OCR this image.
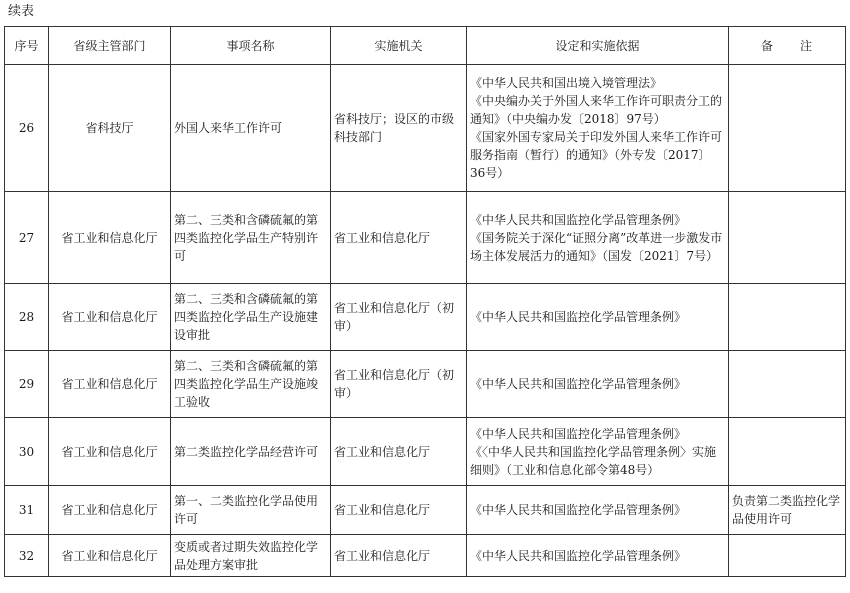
续表
序号	省级主管部门	事项名称	实施机关	设定和实施依据	备　　注
26	省科技厅	外国人来华工作许可	省科技厅；设区的市级科技部门	《中华人民共和国出境入境管理法》
《中央编办关于外国人来华工作许可职责分工的通知》（中央编办发〔2018〕97号）
《国家外国专家局关于印发外国人来华工作许可服务指南（暂行）的通知》（外专发〔2017〕36号）	

27	省工业和信息化厅	第二、三类和含磷硫氟的第四类监控化学品生产特别许可	省工业和信息化厅	《中华人民共和国监控化学品管理条例》
《国务院关于深化“证照分离”改革进一步激发市场主体发展活力的通知》（国发〔2021〕7号）	

28	省工业和信息化厅	第二、三类和含磷硫氟的第四类监控化学品生产设施建设审批	省工业和信息化厅（初审）	《中华人民共和国监控化学品管理条例》	

29	省工业和信息化厅	第二、三类和含磷硫氟的第四类监控化学品生产设施竣工验收	省工业和信息化厅（初审）	《中华人民共和国监控化学品管理条例》	

30	省工业和信息化厅	第二类监控化学品经营许可	省工业和信息化厅	《中华人民共和国监控化学品管理条例》
《〈中华人民共和国监控化学品管理条例〉实施细则》（工业和信息化部令第48号）	

31	省工业和信息化厅	第一、二类监控化学品使用许可	省工业和信息化厅	《中华人民共和国监控化学品管理条例》	负责第二类监控化学品使用许可
32	省工业和信息化厅	变质或者过期失效监控化学品处理方案审批	省工业和信息化厅	《中华人民共和国监控化学品管理条例》	
